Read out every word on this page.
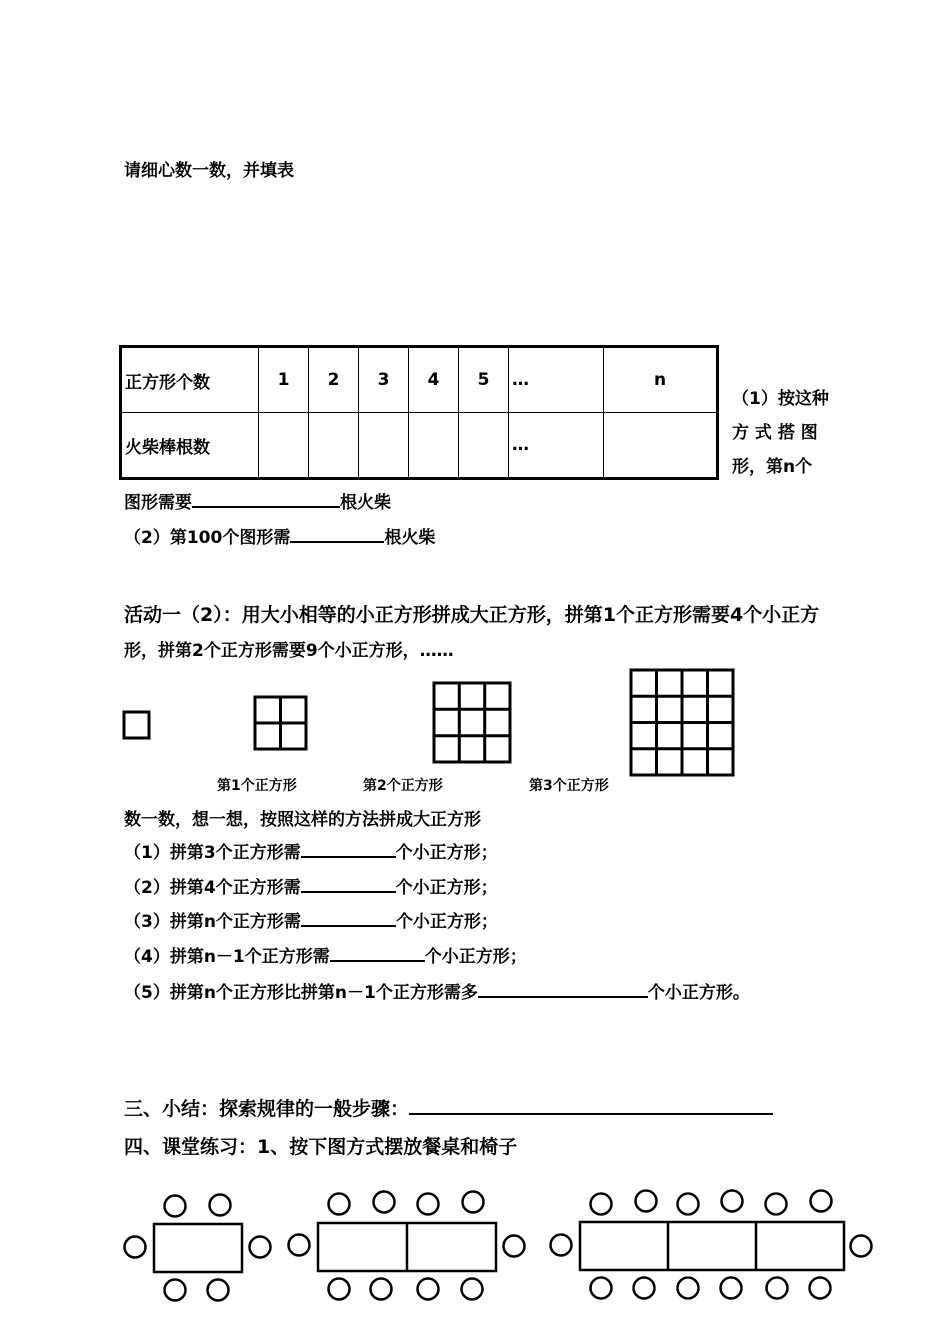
请细心数一数，并填表
正方形个数	1	2	3	4	5	…	n
火柴棒根数						…	
（1）按这种
方 式 搭 图
形，第n个
图形需要	根火柴
（2）第100个图形需	根火柴
活动一（2）：用大小相等的小正方形拼成大正方形，拼第1个正方形需要4个小正方
形，拼第2个正方形需要9个小正方形，……
第1个正方形	第2个正方形	第3个正方形
数一数，想一想，按照这样的方法拼成大正方形
（1）拼第3个正方形需	个小正方形；
（2）拼第4个正方形需	个小正方形；
（3）拼第n个正方形需	个小正方形；
（4）拼第n－1个正方形需	个小正方形；
（5）拼第n个正方形比拼第n－1个正方形需多	个小正方形。
三、小结：探索规律的一般步骤：
四、课堂练习：1、按下图方式摆放餐桌和椅子
